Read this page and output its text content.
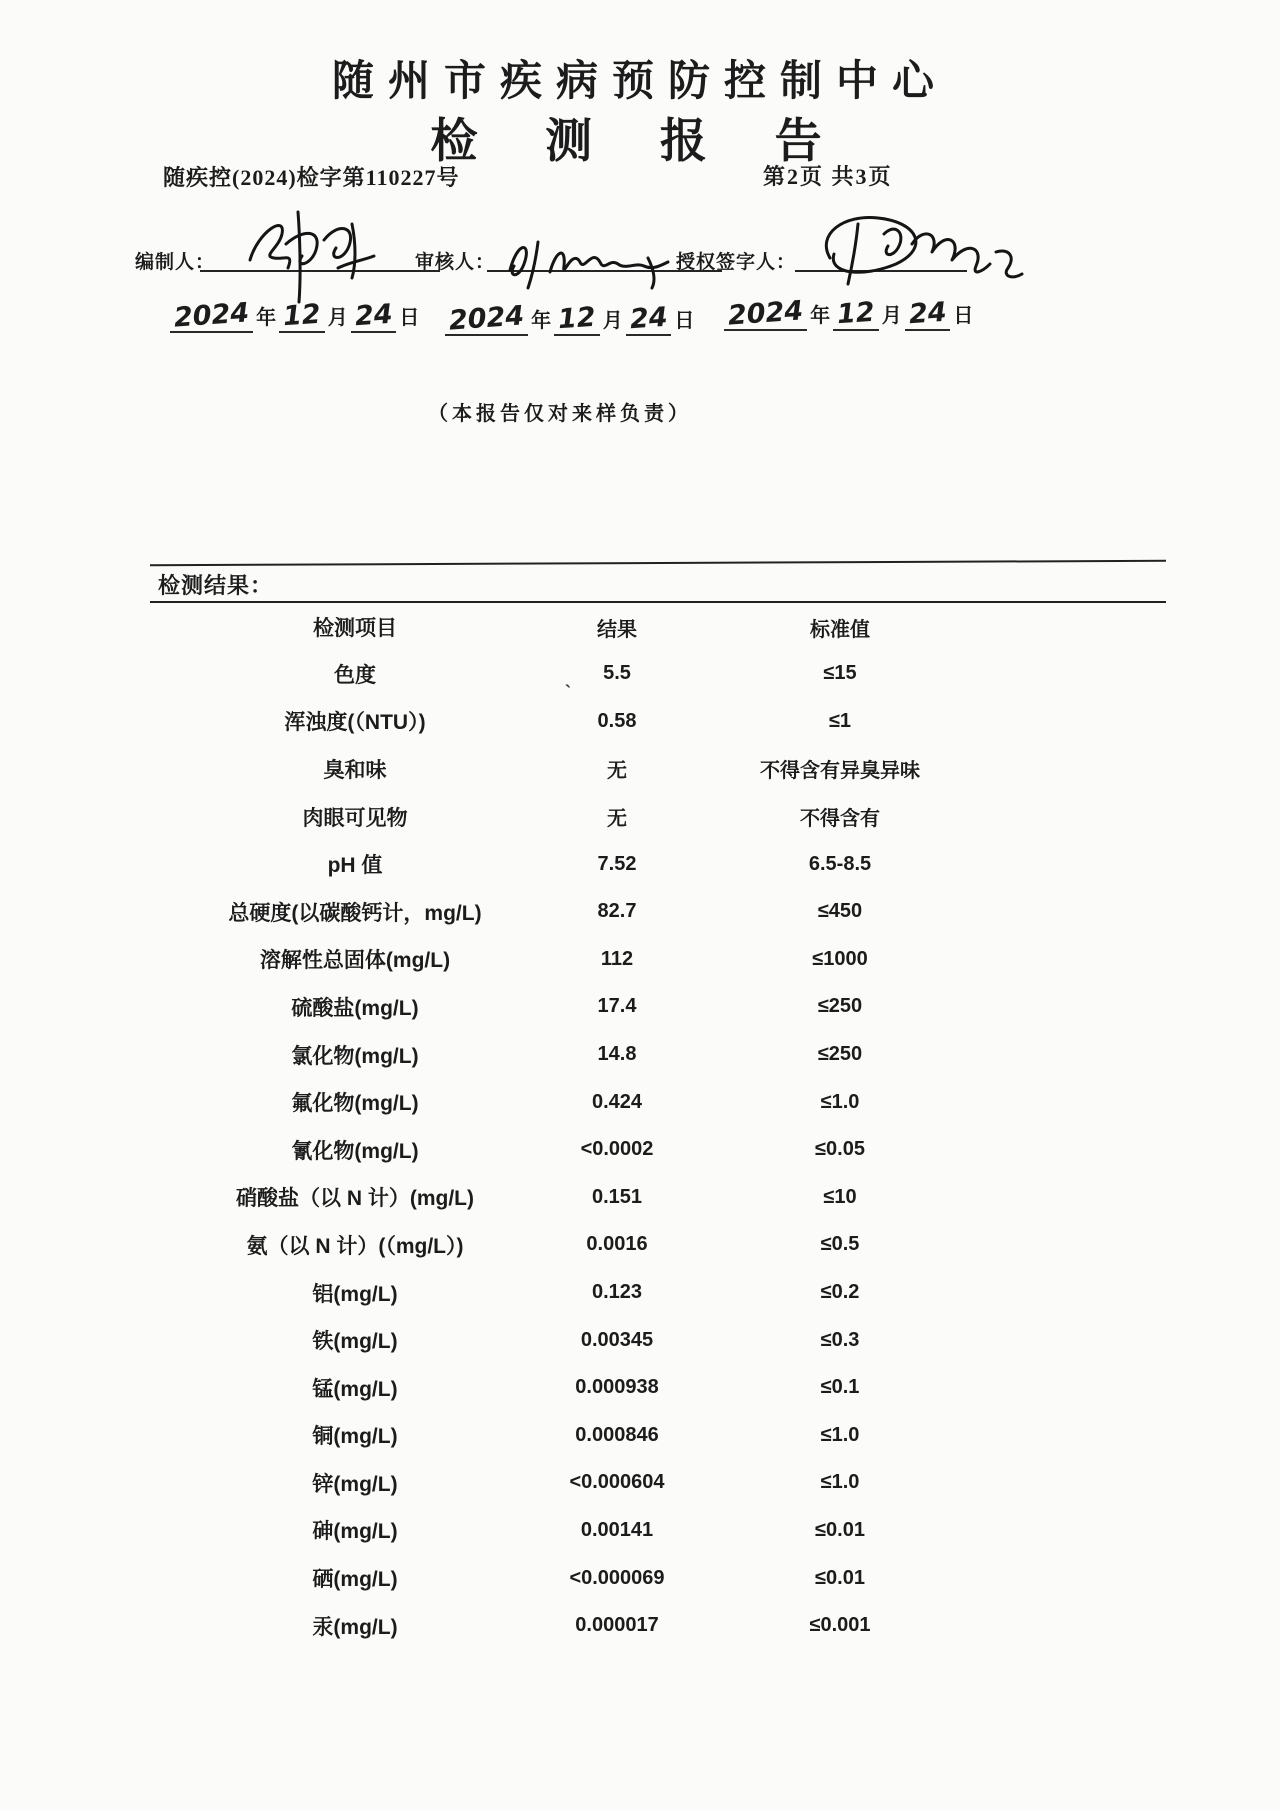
随州市疾病预防控制中心
检 测 报 告
随疾控(2024)检字第110227号	第2页 共3页
编制人：	审核人：	授权签字人：
2024 年 12 月 24 日 2024 年 12 月 24 日 2024 年 12 月 24 日
（本报告仅对来样负责）
检测结果：
检测项目	结果	标准值
色度	5.5	≤15
浑浊度(（NTU）)	0.58	≤1
臭和味	无	不得含有异臭异味
肉眼可见物	无	不得含有
pH 值	7.52	6.5-8.5
总硬度(以碳酸钙计，mg/L)	82.7	≤450
溶解性总固体(mg/L)	112	≤1000
硫酸盐(mg/L)	17.4	≤250
氯化物(mg/L)	14.8	≤250
氟化物(mg/L)	0.424	≤1.0
氰化物(mg/L)	<0.0002	≤0.05
硝酸盐（以 N 计）(mg/L)	0.151	≤10
氨（以 N 计）(（mg/L）)	0.0016	≤0.5
铝(mg/L)	0.123	≤0.2
铁(mg/L)	0.00345	≤0.3
锰(mg/L)	0.000938	≤0.1
铜(mg/L)	0.000846	≤1.0
锌(mg/L)	<0.000604	≤1.0
砷(mg/L)	0.00141	≤0.01
硒(mg/L)	<0.000069	≤0.01
汞(mg/L)	0.000017	≤0.001
`
